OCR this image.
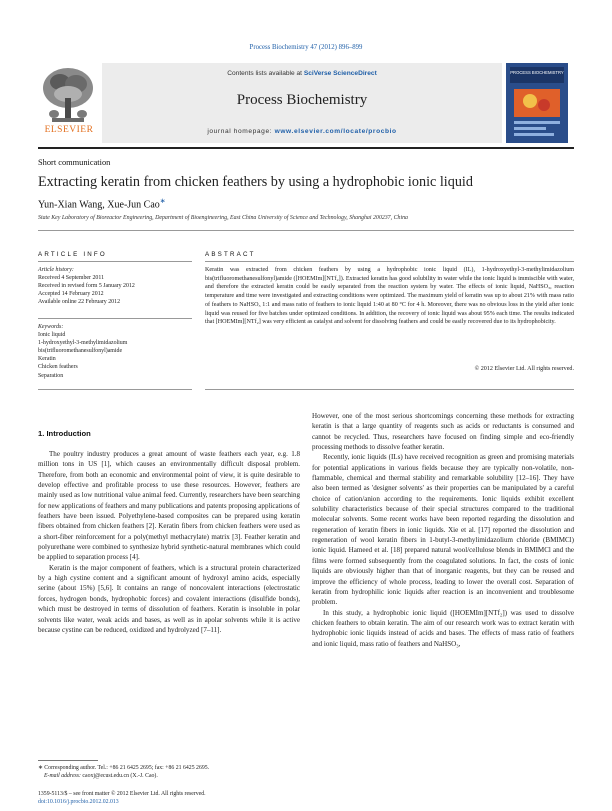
Process Biochemistry 47 (2012) 896–899
Contents lists available at SciVerse ScienceDirect
Process Biochemistry
journal homepage: www.elsevier.com/locate/procbio
ELSEVIER
PROCESS BIOCHEMISTRY
Short communication
Extracting keratin from chicken feathers by using a hydrophobic ionic liquid
Yun-Xian Wang, Xue-Jun Cao∗
State Key Laboratory of Bioreactor Engineering, Department of Bioengineering, East China University of Science and Technology, Shanghai 200237, China
ARTICLE INFO	ABSTRACT
Article history:
Received 4 September 2011
Received in revised form 5 January 2012
Accepted 14 February 2012
Available online 22 February 2012
Keywords:
Ionic liquid
1-hydroxyethyl-3-methylimidazolium
bis(trifluoromethanesulfonyl)amide
Keratin
Chicken feathers
Separation
Keratin was extracted from chicken feathers by using a hydrophobic ionic liquid (IL), 1-hydroxyethyl-3-methylimidazolium bis(trifluoromethanesulfonyl)amide ([HOEMIm][NTf₂]). Extracted keratin has good solubility in water while the ionic liquid is immiscible with water, and therefore the extracted keratin could be easily separated from the reaction system by water. The effects of ionic liquid, NaHSO₃, reaction temperature and time were investigated and extracting conditions were optimized. The maximum yield of keratin was up to about 21% with mass ratio of feathers to NaHSO₃ 1:1 and mass ratio of feathers to ionic liquid 1:40 at 80 °C for 4 h. Moreover, there was no obvious loss in the yield after ionic liquid was reused for five batches under optimized conditions. In addition, the recovery of ionic liquid was about 95% each time. The results indicated that [HOEMIm][NTf₂] was very efficient as catalyst and solvent for dissolving feathers and could be easily recovered due to its hydrophobicity.
© 2012 Elsevier Ltd. All rights reserved.
1. Introduction

The poultry industry produces a great amount of waste feathers each year, e.g. 1.8 million tons in US [1], which causes an environmentally difficult disposal problem. Therefore, from both an economic and environmental point of view, it is quite desirable to develop effective and profitable process to use these resources. However, feathers are mainly used as low nutritional value animal feed. Currently, researchers have been searching for new applications of feathers and many publications and patents proposing applications of feathers have been issued. Polyethylene-based composites can be prepared using keratin fibers obtained from chicken feathers [2]. Keratin fibers from chicken feathers were used as a short-fiber reinforcement for a poly(methyl methacrylate) matrix [3]. Feather keratin and polyurethane were combined to synthesize hybrid synthetic-natural membranes which could be applied to separation process [4].

Keratin is the major component of feathers, which is a structural protein characterized by a high cystine content and a significant amount of hydroxyl amino acids, especially serine (about 15%) [5,6]. It contains an range of noncovalent interactions (electrostatic forces, hydrogen bonds, hydrophobic forces) and covalent interactions (disulfide bonds), which must be destroyed in terms of dissolution of feathers. Keratin is insoluble in polar solvents like water, weak acids and bases, as well as in apolar solvents while it is active because cystine can be reduced, oxidized and hydrolyzed [7–11].

However, one of the most serious shortcomings concerning these methods for extracting keratin is that a large quantity of reagents such as acids or reductants is consumed and cannot be recycled. Thus, researchers have focused on finding simple and eco-friendly processing methods to dissolve feather keratin.

Recently, ionic liquids (ILs) have received recognition as green and promising materials for potential applications in various fields because they are typically non-volatile, non-flammable, chemical and thermal stability and remarkable solubility [12–16]. They have also been termed as 'designer solvents' as their properties can be manipulated by a careful choice of cation/anion according to the requirements. Ionic liquids exhibit excellent solubility characteristics because of their special structures compared to the traditional molecular solvents. Some recent works have been reported regarding the dissolution and regeneration of keratin fibers in ionic liquids. Xie et al. [17] reported the dissolution and regeneration of wool keratin fibers in 1-butyl-3-methylimidazolium chloride (BMIMCl) ionic liquid. Hameed et al. [18] prepared natural wool/cellulose blends in BMIMCl and the films were formed subsequently from the coagulated solutions. In fact, the costs of ionic liquids are obviously higher than that of inorganic reagents, but they can be reused and improve the efficiency of whole process, leading to lower the overall cost. Separation of keratin from hydrophilic ionic liquids after reaction is an inconvenient and troublesome problem.

In this study, a hydrophobic ionic liquid ([HOEMIm][NTf₂]) was used to dissolve chicken feathers to obtain keratin. The aim of our research work was to extract keratin with hydrophobic ionic liquids instead of acids and bases. The effects of mass ratio of feathers and ionic liquid, mass ratio of feathers and NaHSO₃,

∗ Corresponding author. Tel.: +86 21 6425 2695; fax: +86 21 6425 2695.
E-mail address: caoxj@ecust.edu.cn (X.-J. Cao).
1359-5113/$ – see front matter © 2012 Elsevier Ltd. All rights reserved.
doi:10.1016/j.procbio.2012.02.013
